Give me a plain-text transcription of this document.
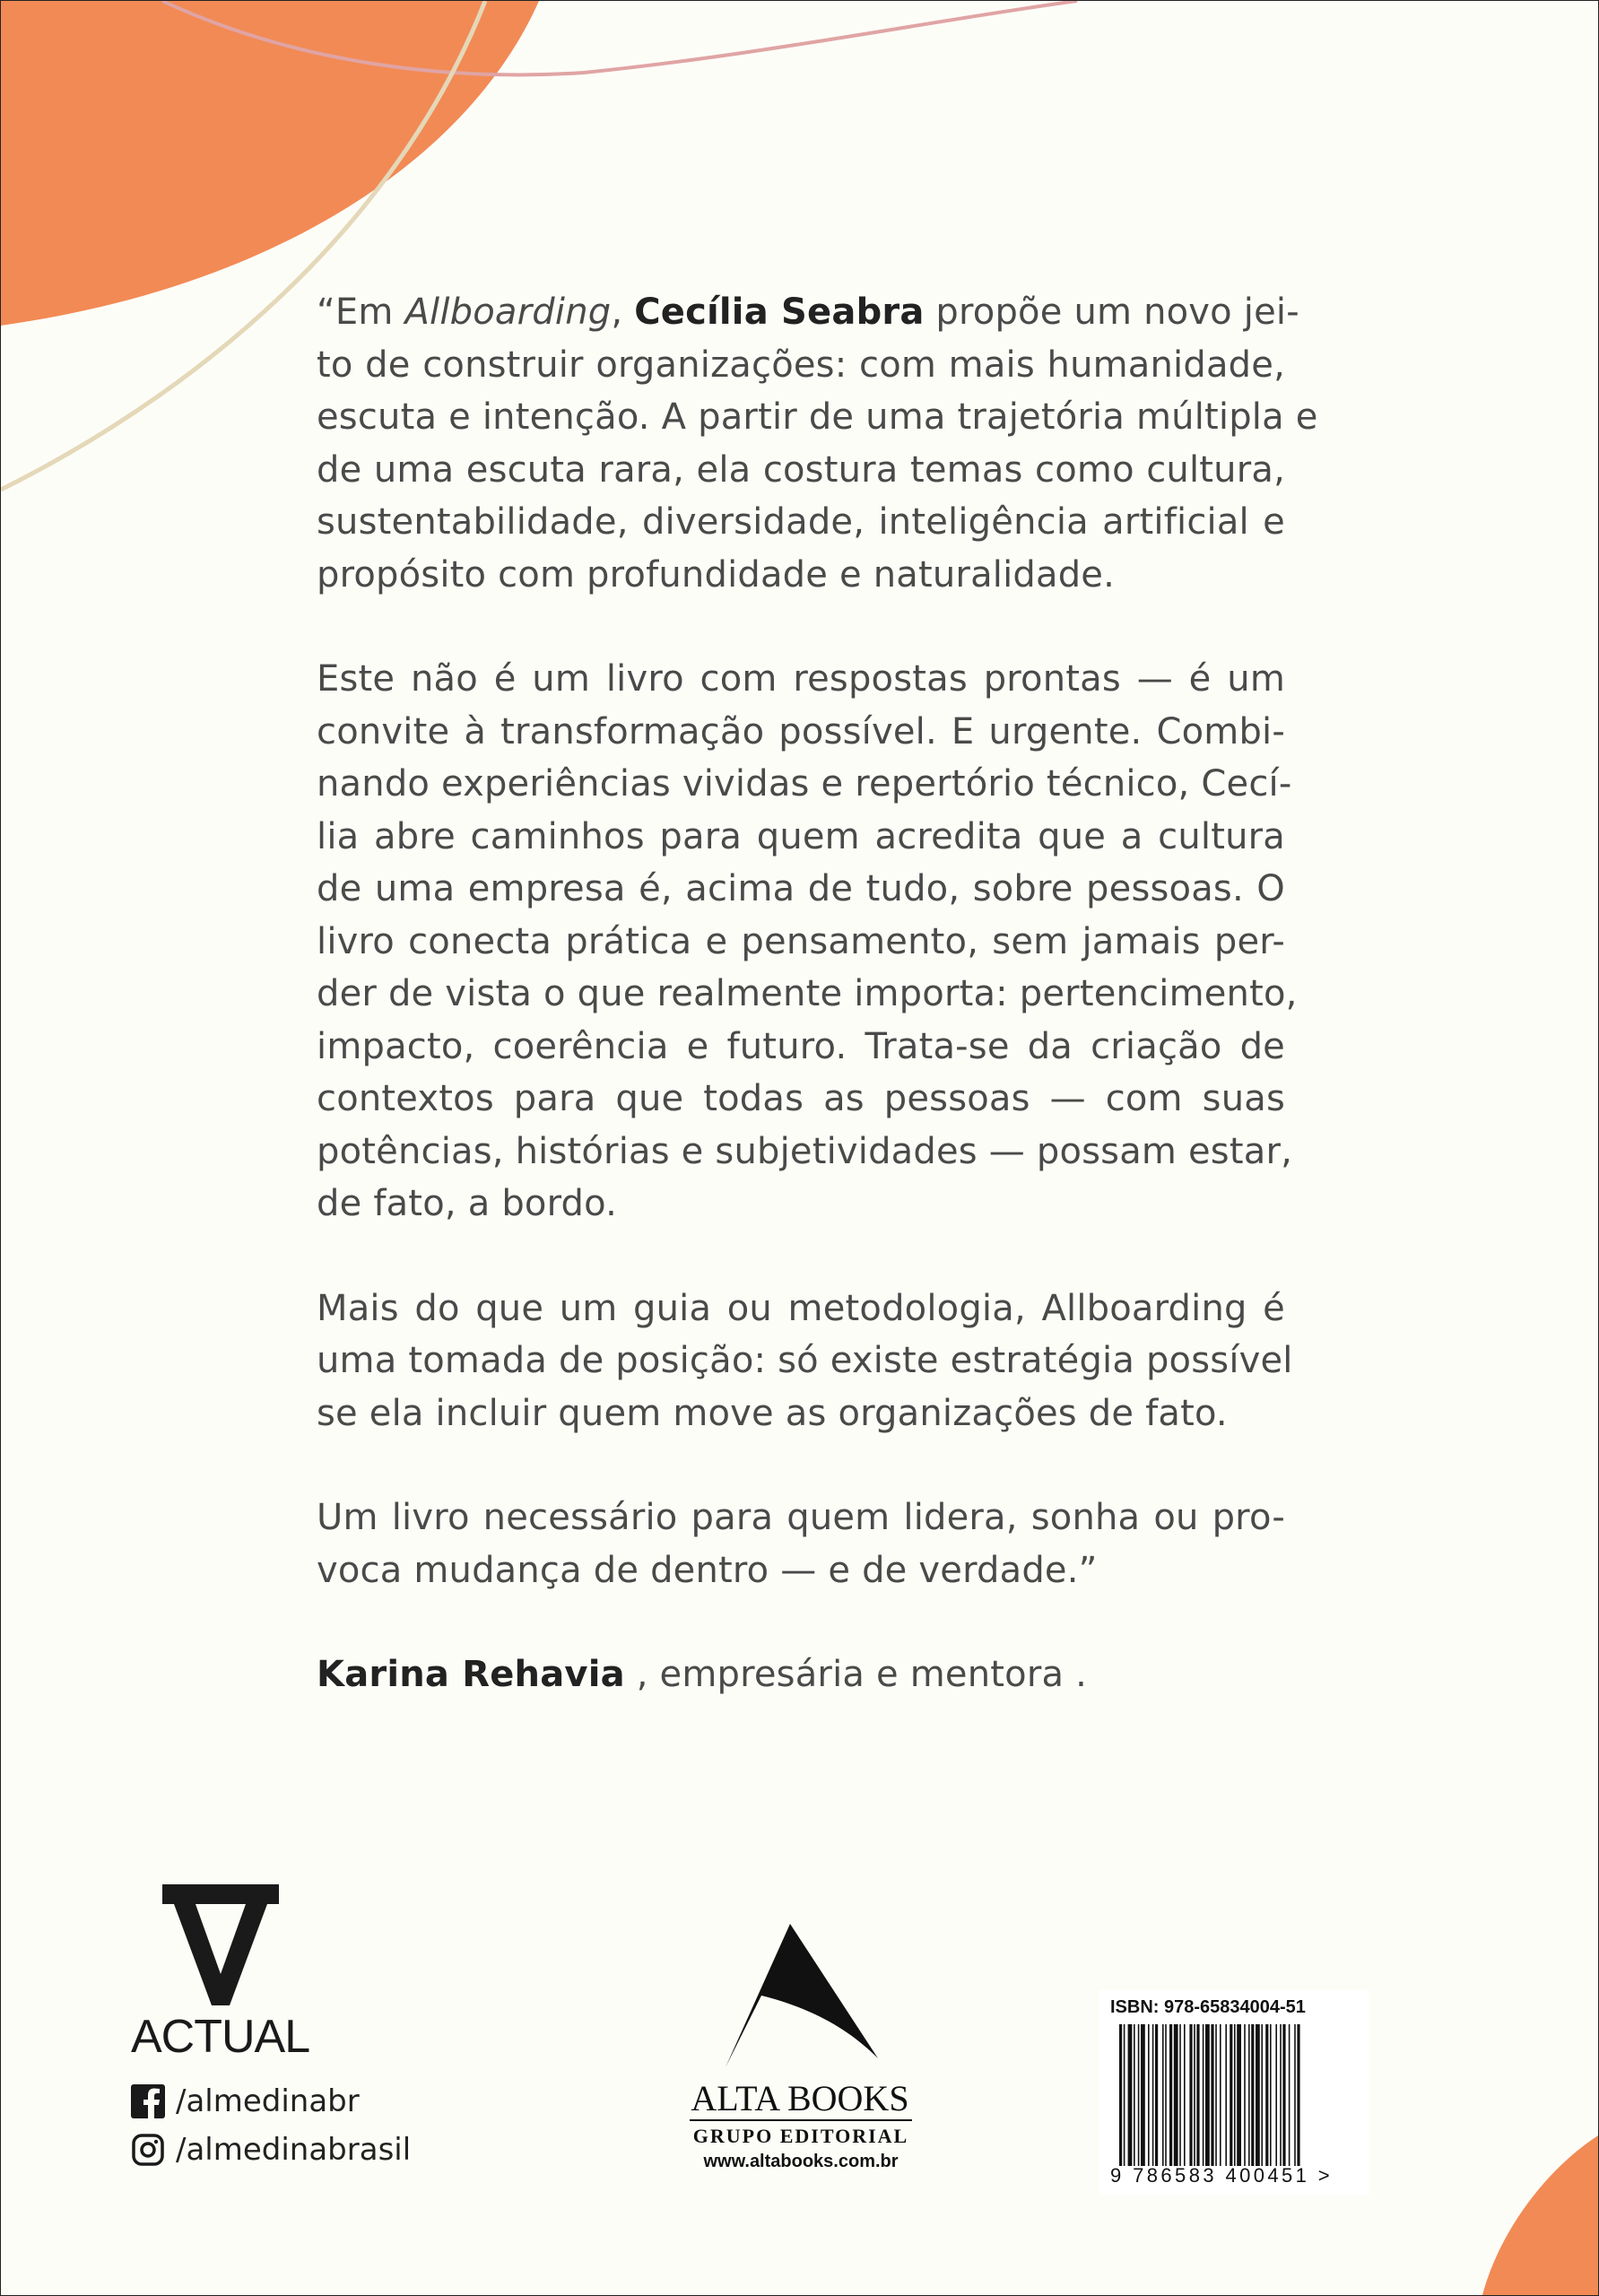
“Em Allboarding, Cecília Seabra propõe um novo jei-
to de construir organizações: com mais humanidade,
escuta e intenção. A partir de uma trajetória múltipla e
de uma escuta rara, ela costura temas como cultura,
sustentabilidade, diversidade, inteligência artificial e
propósito com profundidade e naturalidade.

Este não é um livro com respostas prontas — é um
convite à transformação possível. E urgente. Combi-
nando experiências vividas e repertório técnico, Cecí-
lia abre caminhos para quem acredita que a cultura
de uma empresa é, acima de tudo, sobre pessoas. O
livro conecta prática e pensamento, sem jamais per-
der de vista o que realmente importa: pertencimento,
impacto, coerência e futuro. Trata-se da criação de
contextos para que todas as pessoas — com suas
potências, histórias e subjetividades — possam estar,
de fato, a bordo.

Mais do que um guia ou metodologia, Allboarding é
uma tomada de posição: só existe estratégia possível
se ela incluir quem move as organizações de fato.

Um livro necessário para quem lidera, sonha ou pro-
voca mudança de dentro — e de verdade.”

Karina Rehavia , empresária e mentora .

ACTUAL
/almedinabr
/almedinabrasil
ALTA BOOKS
GRUPO EDITORIAL
www.altabooks.com.br
ISBN: 978-65834004-51
9 786583 400451 >
